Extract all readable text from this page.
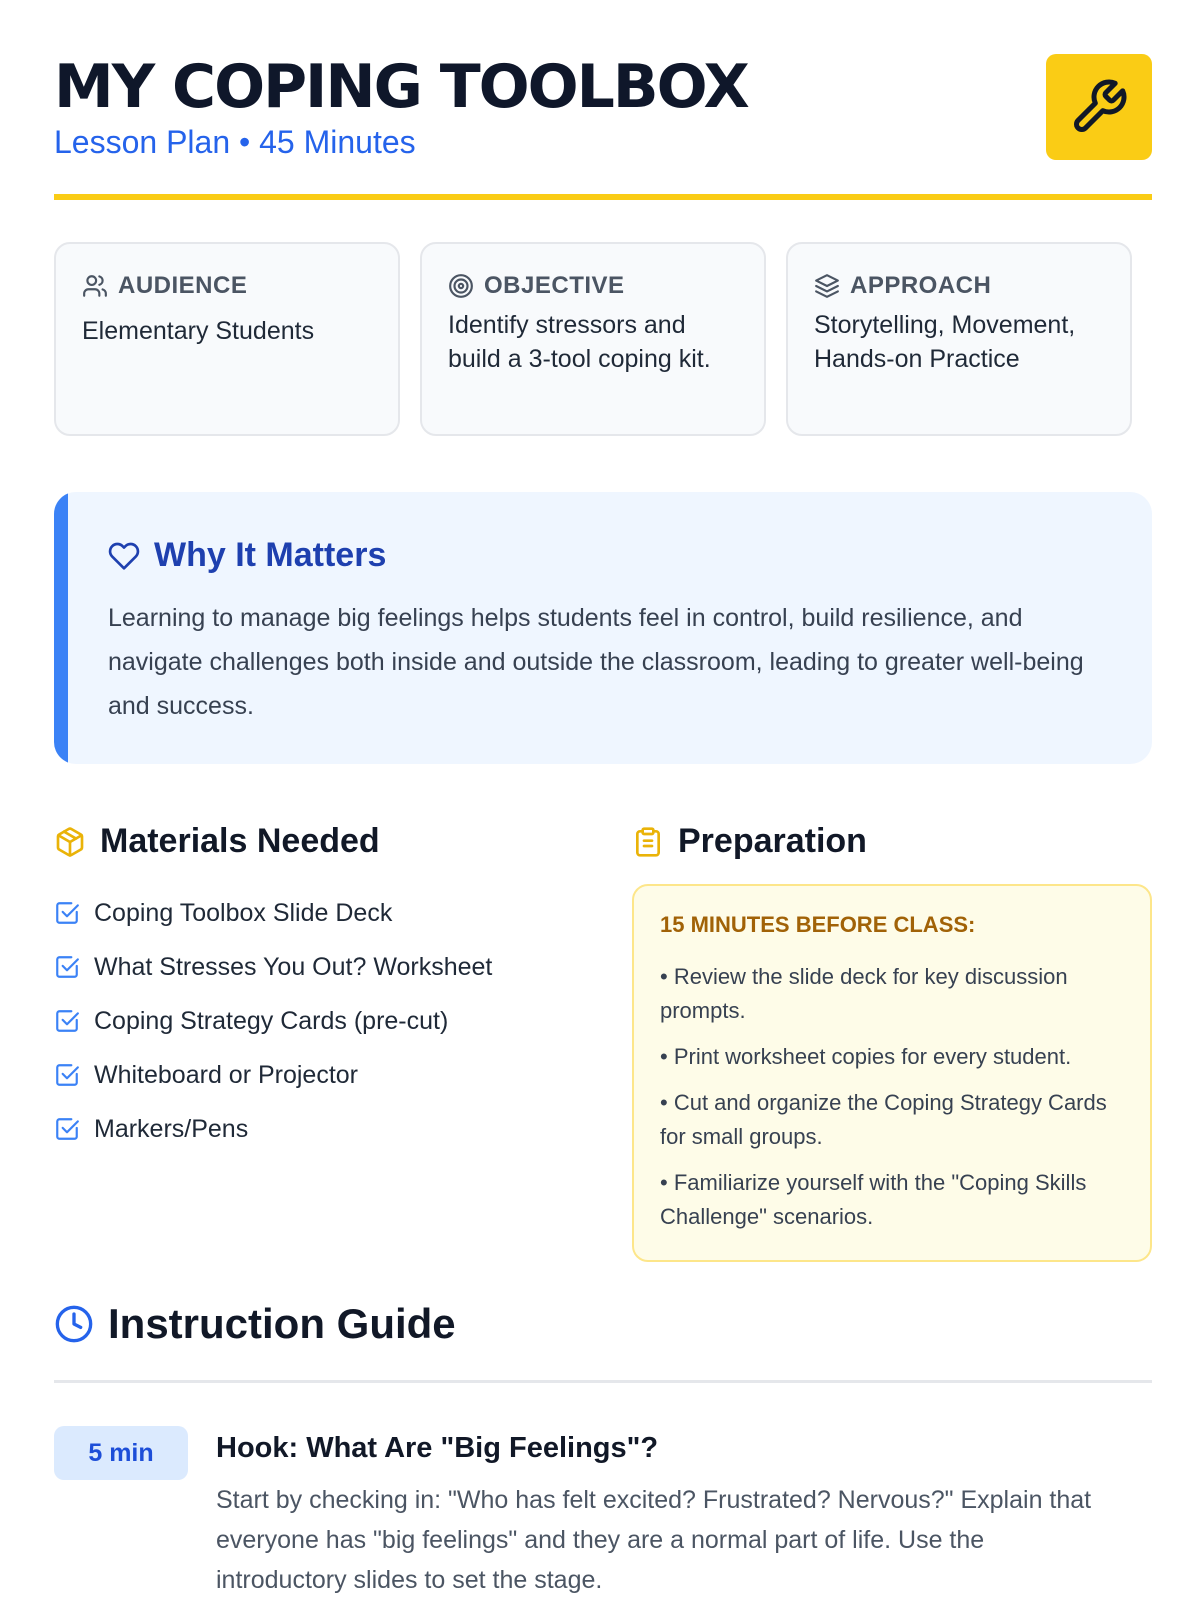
MY COPING TOOLBOX
Lesson Plan • 45 Minutes
AUDIENCE
Elementary Students
OBJECTIVE
Identify stressors and build a 3-tool coping kit.
APPROACH
Storytelling, Movement, Hands-on Practice
Why It Matters
Learning to manage big feelings helps students feel in control, build resilience, and navigate challenges both inside and outside the classroom, leading to greater well-being and success.
Materials Needed
Coping Toolbox Slide Deck
What Stresses You Out? Worksheet
Coping Strategy Cards (pre-cut)
Whiteboard or Projector
Markers/Pens
Preparation
15 MINUTES BEFORE CLASS:
• Review the slide deck for key discussion prompts.
• Print worksheet copies for every student.
• Cut and organize the Coping Strategy Cards for small groups.
• Familiarize yourself with the "Coping Skills Challenge" scenarios.
Instruction Guide
5 min	Hook: What Are "Big Feelings"?
Start by checking in: "Who has felt excited? Frustrated? Nervous?" Explain that everyone has "big feelings" and they are a normal part of life. Use the introductory slides to set the stage.
